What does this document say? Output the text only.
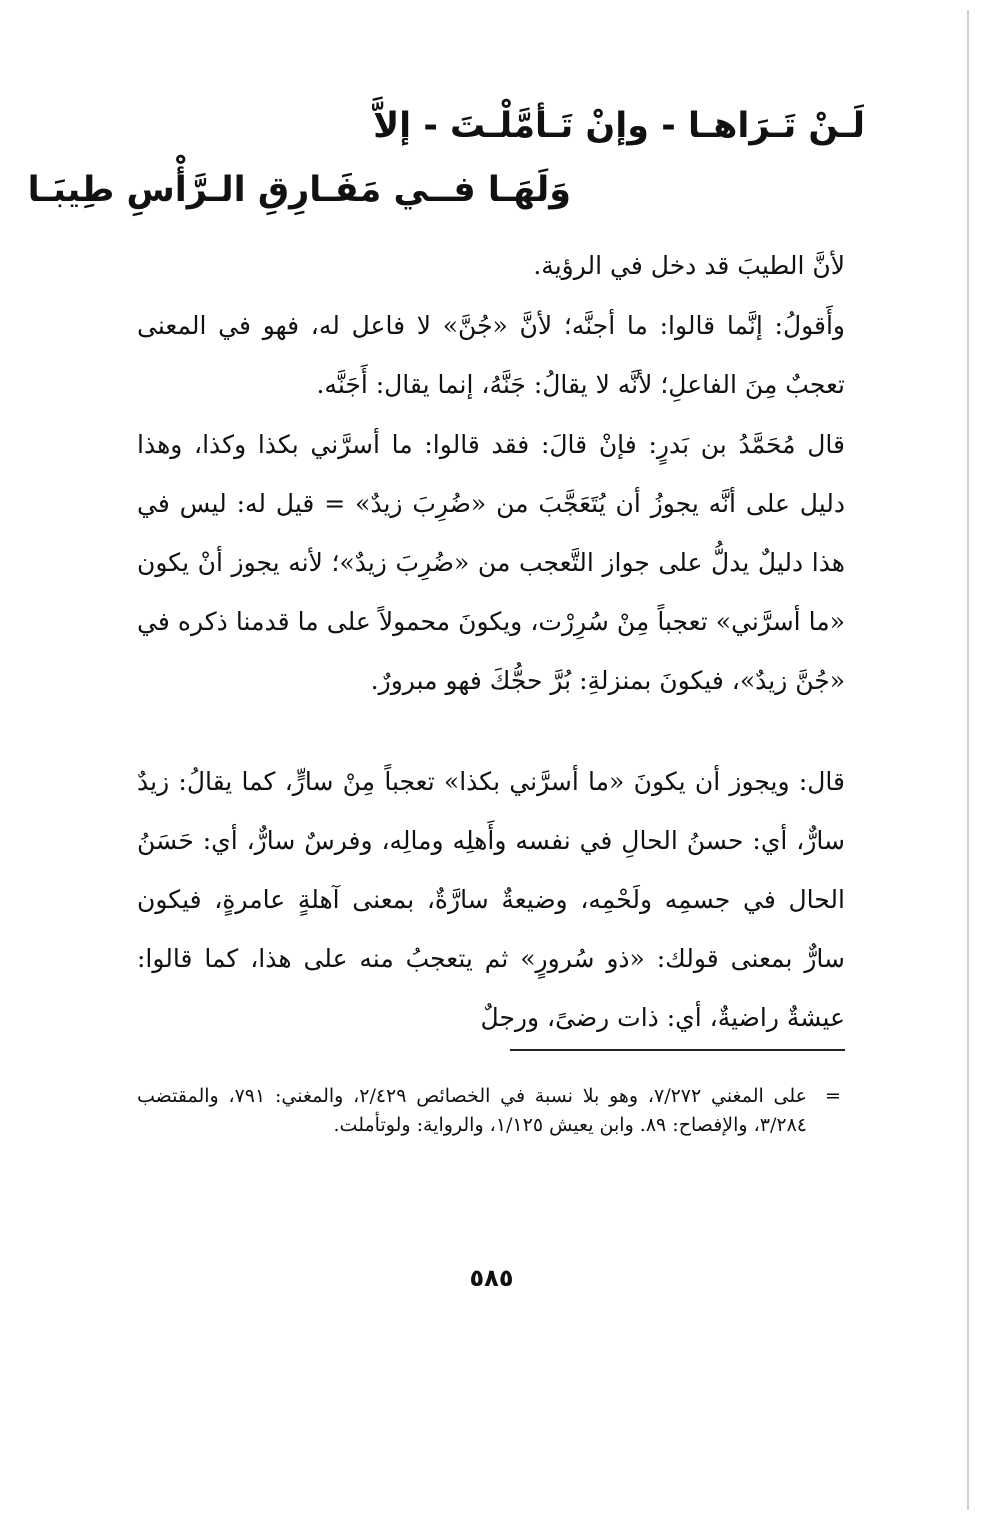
لَـنْ تَـرَاهـا - وإنْ تَـأمَّلْـتَ - إلاَّ
وَلَهَـا فــي مَفَـارِقِ الـرَّأْسِ طِيبَـا

لأنَّ الطيبَ قد دخل في الرؤية.

وأَقولُ: إنَّما قالوا: ما أجنَّه؛ لأنَّ «جُنَّ» لا فاعل له، فهو في المعنى تعجبٌ مِنَ الفاعلِ؛ لأنَّه لا يقالُ: جَنَّهُ، إنما يقال: أَجَنَّه.

قال مُحَمَّدُ بن بَدرٍ: فإنْ قالَ: فقد قالوا: ما أسرَّني بكذا وكذا، وهذا دليل على أنَّه يجوزُ أن يُتَعَجَّبَ من «ضُرِبَ زيدٌ» = قيل له: ليس في هذا دليلٌ يدلُّ على جواز التَّعجب من «ضُرِبَ زيدٌ»؛ لأنه يجوز أنْ يكون «ما أسرَّني» تعجباً مِنْ سُرِرْت، ويكونَ محمولاً على ما قدمنا ذكره في «جُنَّ زيدٌ»، فيكونَ بمنزلةِ: بُرَّ حجُّكَ فهو مبرورٌ.

قال: ويجوز أن يكونَ «ما أسرَّني بكذا» تعجباً مِنْ سارٍّ، كما يقالُ: زيدٌ سارٌّ، أي: حسنُ الحالِ في نفسه وأَهلِه ومالِه، وفرسٌ سارٌّ، أي: حَسَنُ الحال في جسمِه ولَحْمِه، وضيعةٌ سارَّةٌ، بمعنى آهلةٍ عامرةٍ، فيكون سارٌّ بمعنى قولك: «ذو سُرورٍ» ثم يتعجبُ منه على هذا، كما قالوا: عيشةٌ راضيةٌ، أي: ذات رضىً، ورجلٌ

=
على المغني ٧/٢٧٢، وهو بلا نسبة في الخصائص ٢/٤٢٩، والمغني: ٧٩١، والمقتضب ٣/٢٨٤، والإفصاح: ٨٩. وابن يعيش ١/١٢٥، والرواية: ولوتأملت.
٥٨٥
